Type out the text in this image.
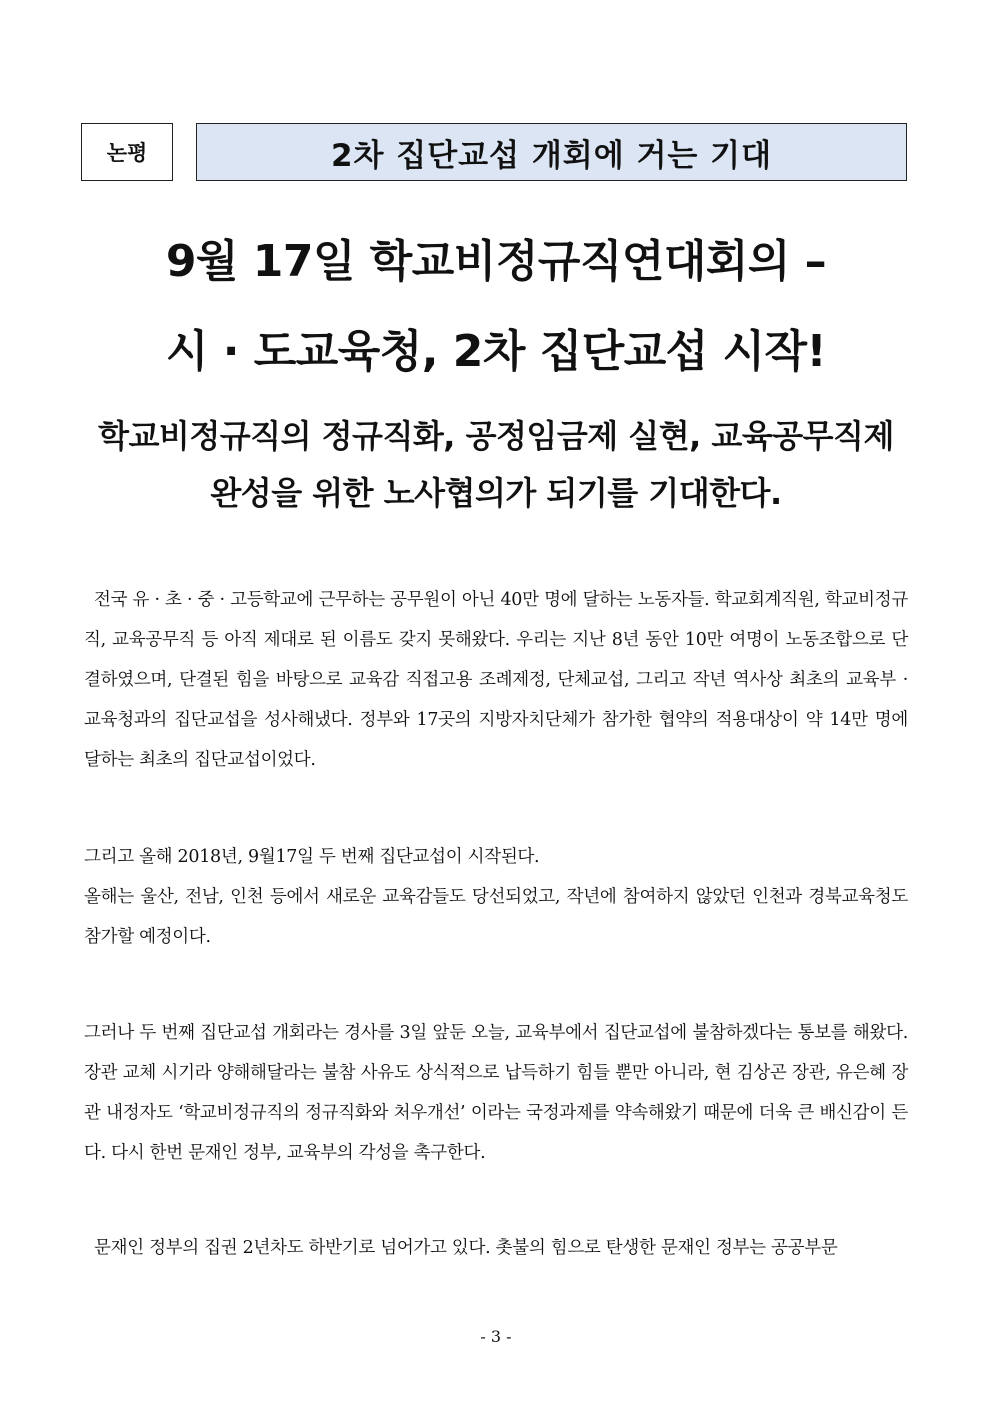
논평	2차 집단교섭 개회에 거는 기대
9월 17일 학교비정규직연대회의 –
시 · 도교육청, 2차 집단교섭 시작!
학교비정규직의 정규직화, 공정임금제 실현, 교육공무직제
완성을 위한 노사협의가 되기를 기대한다.

전국 유 · 초 · 중 · 고등학교에 근무하는 공무원이 아닌 40만 명에 달하는 노동자들. 학교회계직원, 학교비정규직, 교육공무직 등 아직 제대로 된 이름도 갖지 못해왔다. 우리는 지난 8년 동안 10만 여명이 노동조합으로 단결하였으며, 단결된 힘을 바탕으로 교육감 직접고용 조례제정, 단체교섭, 그리고 작년 역사상 최초의 교육부 · 교육청과의 집단교섭을 성사해냈다. 정부와 17곳의 지방자치단체가 참가한 협약의 적용대상이 약 14만 명에 달하는 최초의 집단교섭이었다.

그리고 올해 2018년, 9월17일 두 번째 집단교섭이 시작된다.
올해는 울산, 전남, 인천 등에서 새로운 교육감들도 당선되었고, 작년에 참여하지 않았던 인천과 경북교육청도 참가할 예정이다.

그러나 두 번째 집단교섭 개회라는 경사를 3일 앞둔 오늘, 교육부에서 집단교섭에 불참하겠다는 통보를 해왔다. 장관 교체 시기라 양해해달라는 불참 사유도 상식적으로 납득하기 힘들 뿐만 아니라, 현 김상곤 장관, 유은혜 장관 내정자도 ‘학교비정규직의 정규직화와 처우개선’ 이라는 국정과제를 약속해왔기 때문에 더욱 큰 배신감이 든다. 다시 한번 문재인 정부, 교육부의 각성을 촉구한다.

문재인 정부의 집권 2년차도 하반기로 넘어가고 있다. 촛불의 힘으로 탄생한 문재인 정부는 공공부문

- 3 -
